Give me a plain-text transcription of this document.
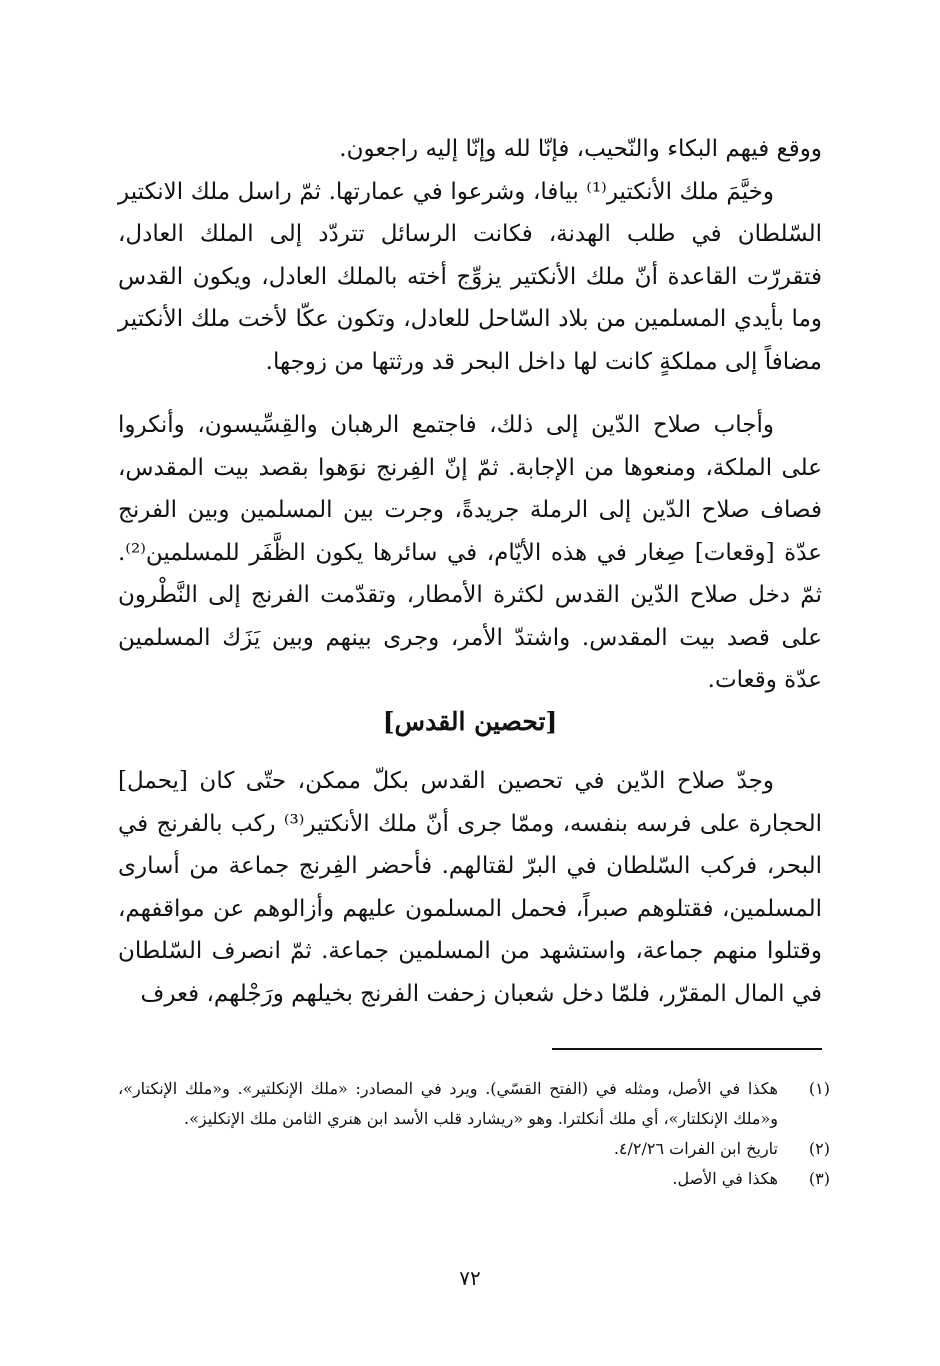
ووقع فيهم البكاء والنّحيب، فإنّا لله وإنّا إليه راجعون.

وخيَّمَ ملك الأنكتير⁽¹⁾ بيافا، وشرعوا في عمارتها. ثمّ راسل ملك الانكتير السّلطان في طلب الهدنة، فكانت الرسائل تتردّد إلى الملك العادل، فتقررّت القاعدة أنّ ملك الأنكتير يزوِّج أخته بالملك العادل، ويكون القدس وما بأيدي المسلمين من بلاد السّاحل للعادل، وتكون عكّا لأخت ملك الأنكتير مضافاً إلى مملكةٍ كانت لها داخل البحر قد ورثتها من زوجها.

وأجاب صلاح الدّين إلى ذلك، فاجتمع الرهبان والقِسِّيسون، وأنكروا على الملكة، ومنعوها من الإجابة. ثمّ إنّ الفِرنج نوَهوا بقصد بيت المقدس، فصاف صلاح الدّين إلى الرملة جريدةً، وجرت بين المسلمين وبين الفرنج عدّة [وقعات] صِغار في هذه الأيّام، في سائرها يكون الظَّفَر للمسلمين⁽²⁾. ثمّ دخل صلاح الدّين القدس لكثرة الأمطار، وتقدّمت الفرنج إلى النَّطْرون على قصد بيت المقدس. واشتدّ الأمر، وجرى بينهم وبين يَزَك المسلمين عدّة وقعات.

[تحصين القدس]

وجدّ صلاح الدّين في تحصين القدس بكلّ ممكن، حتّى كان [يحمل] الحجارة على فرسه بنفسه، وممّا جرى أنّ ملك الأنكتير⁽³⁾ ركب بالفرنج في البحر، فركب السّلطان في البرّ لقتالهم. فأحضر الفِرنج جماعة من أسارى المسلمين، فقتلوهم صبراً، فحمل المسلمون عليهم وأزالوهم عن مواقفهم، وقتلوا منهم جماعة، واستشهد من المسلمين جماعة. ثمّ انصرف السّلطان في المال المقرّر، فلمّا دخل شعبان زحفت الفرنج بخيلهم ورَجْلهم، فعرف

(١)
هكذا في الأصل، ومثله في (الفتح القسّي). ويرد في المصادر: «ملك الإنكلتير». و«ملك الإنكتار»، و«ملك الإنكلتار»، أي ملك أنكلترا. وهو «ريشارد قلب الأسد ابن هنري الثامن ملك الإنكليز».
(٢)
تاريخ ابن الفرات ٤/٢/٢٦.
(٣)
هكذا في الأصل.
٧٢
